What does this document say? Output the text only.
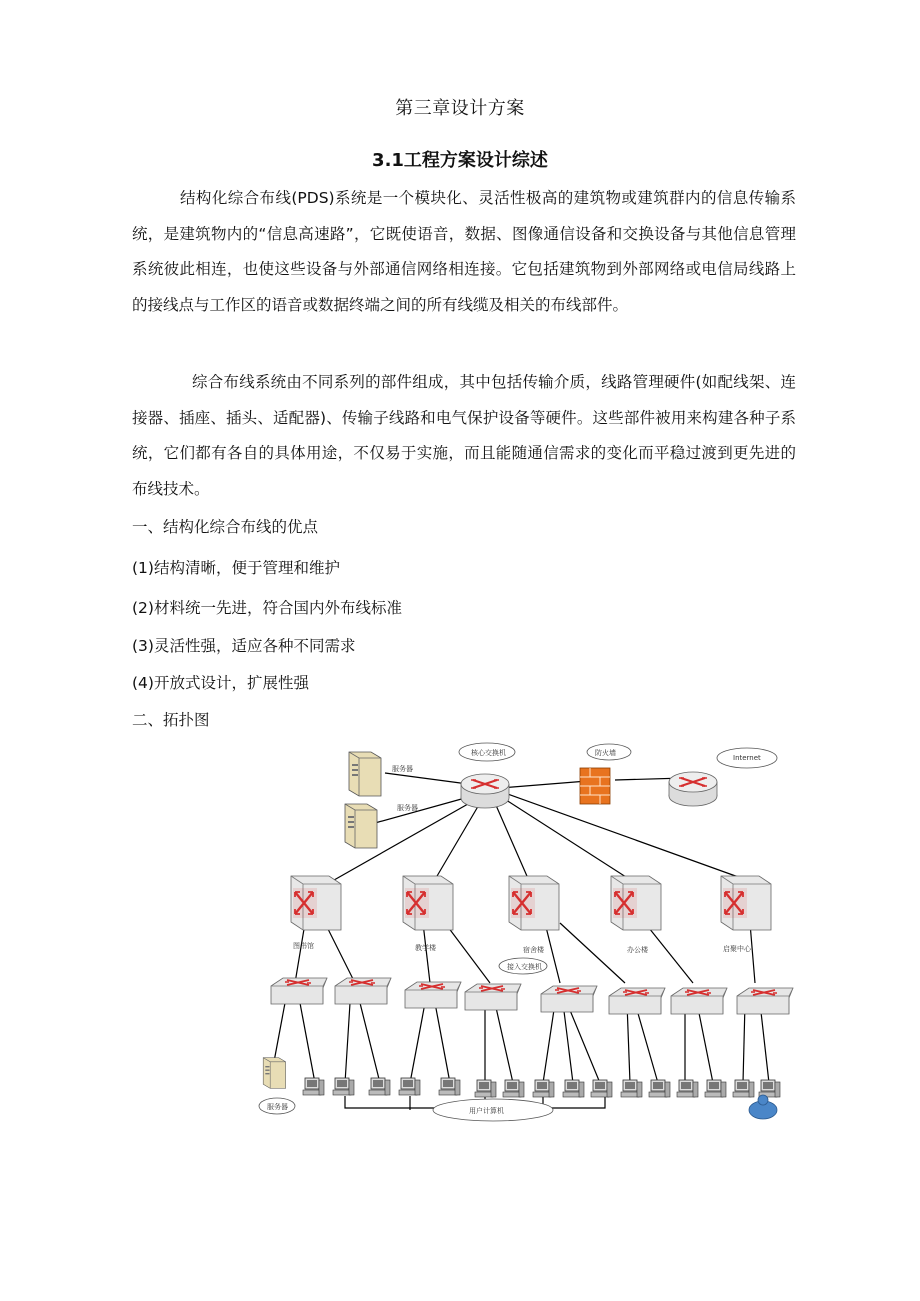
第三章设计方案
3.1工程方案设计综述

结构化综合布线(PDS)系统是一个模块化、灵活性极高的建筑物或建筑群内的信息传输系统，是建筑物内的“信息高速路”，它既使语音，数据、图像通信设备和交换设备与其他信息管理系统彼此相连，也使这些设备与外部通信网络相连接。它包括建筑物到外部网络或电信局线路上的接线点与工作区的语音或数据终端之间的所有线缆及相关的布线部件。

综合布线系统由不同系列的部件组成，其中包括传输介质，线路管理硬件(如配线架、连接器、插座、插头、适配器)、传输子线路和电气保护设备等硬件。这些部件被用来构建各种子系统，它们都有各自的具体用途，不仅易于实施，而且能随通信需求的变化而平稳过渡到更先进的布线技术。

一、结构化综合布线的优点
(1)结构清晰，便于管理和维护
(2)材料统一先进，符合国内外布线标准
(3)灵活性强，适应各种不同需求
(4)开放式设计，扩展性强
二、拓扑图
服务器
服务器
核心交换机	防火墙
Internet
图书馆	教学楼	宿舍楼	办公楼	启聚中心
接入交换机
服务器	用户计算机
